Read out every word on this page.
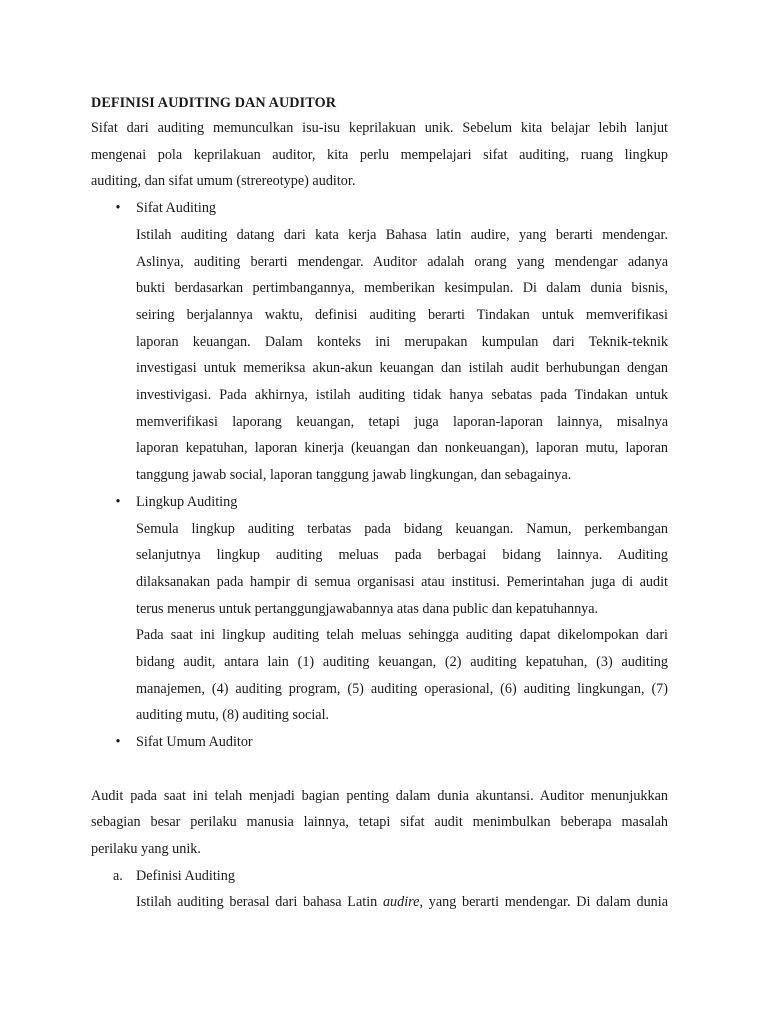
DEFINISI AUDITING DAN AUDITOR

Sifat dari auditing memunculkan isu-isu keprilakuan unik. Sebelum kita belajar lebih lanjut

mengenai pola keprilakuan auditor, kita perlu mempelajari sifat auditing, ruang lingkup

auditing, dan sifat umum (strereotype) auditor.

• Sifat Auditing

Istilah auditing datang dari kata kerja Bahasa latin audire, yang berarti mendengar.

Aslinya, auditing berarti mendengar. Auditor adalah orang yang mendengar adanya

bukti berdasarkan pertimbangannya, memberikan kesimpulan. Di dalam dunia bisnis,

seiring berjalannya waktu, definisi auditing berarti Tindakan untuk memverifikasi

laporan keuangan. Dalam konteks ini merupakan kumpulan dari Teknik-teknik

investigasi untuk memeriksa akun-akun keuangan dan istilah audit berhubungan dengan

investivigasi. Pada akhirnya, istilah auditing tidak hanya sebatas pada Tindakan untuk

memverifikasi laporang keuangan, tetapi juga laporan-laporan lainnya, misalnya

laporan kepatuhan, laporan kinerja (keuangan dan nonkeuangan), laporan mutu, laporan

tanggung jawab social, laporan tanggung jawab lingkungan, dan sebagainya.

• Lingkup Auditing

Semula lingkup auditing terbatas pada bidang keuangan. Namun, perkembangan

selanjutnya lingkup auditing meluas pada berbagai bidang lainnya. Auditing

dilaksanakan pada hampir di semua organisasi atau institusi. Pemerintahan juga di audit

terus menerus untuk pertanggungjawabannya atas dana public dan kepatuhannya.

Pada saat ini lingkup auditing telah meluas sehingga auditing dapat dikelompokan dari

bidang audit, antara lain (1) auditing keuangan, (2) auditing kepatuhan, (3) auditing

manajemen, (4) auditing program, (5) auditing operasional, (6) auditing lingkungan, (7)

auditing mutu, (8) auditing social.

• Sifat Umum Auditor

Audit pada saat ini telah menjadi bagian penting dalam dunia akuntansi. Auditor menunjukkan

sebagian besar perilaku manusia lainnya, tetapi sifat audit menimbulkan beberapa masalah

perilaku yang unik.

a. Definisi Auditing

Istilah auditing berasal dari bahasa Latin audire, yang berarti mendengar. Di dalam dunia
